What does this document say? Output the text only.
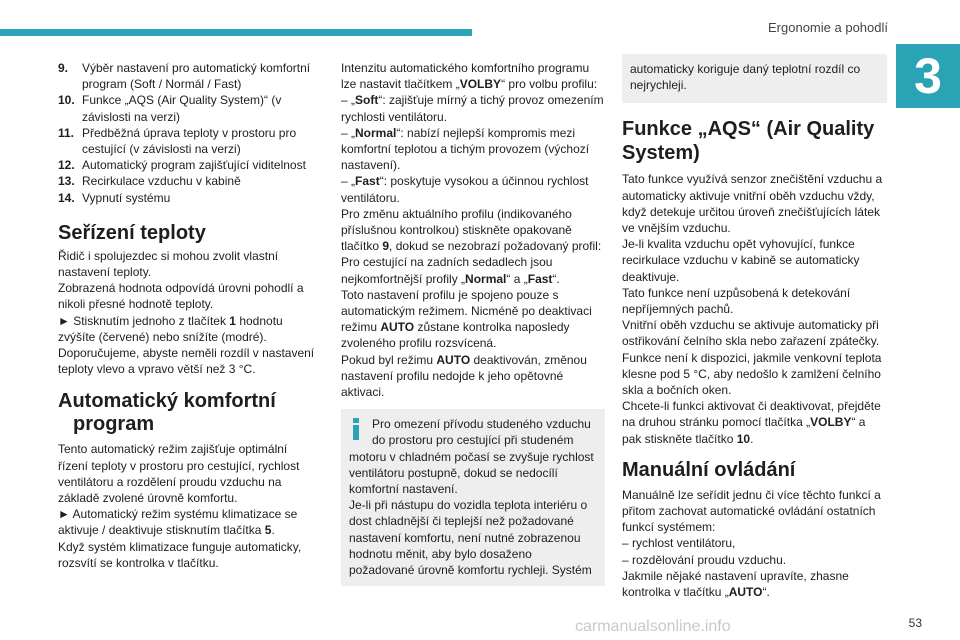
Ergonomie a pohodlí
3
9.	Výběr nastavení pro automatický komfortní program (Soft / Normál / Fast)
10. Funkce „AQS (Air Quality System)“ (v závislosti na verzi)
11. Předběžná úprava teploty v prostoru pro cestující (v závislosti na verzi)
12. Automatický program zajišťující viditelnost
13. Recirkulace vzduchu v kabině
14. Vypnutí systému
Seřízení teploty

Řidič i spolujezdec si mohou zvolit vlastní nastavení teploty.
Zobrazená hodnota odpovídá úrovni pohodlí a nikoli přesné hodnotě teploty.
► Stisknutím jednoho z tlačítek 1 hodnotu zvýšíte (červené) nebo snížíte (modré).
Doporučujeme, abyste neměli rozdíl v nastavení teploty vlevo a vpravo větší než 3 °C.

Automatický komfortní
program

Tento automatický režim zajišťuje optimální řízení teploty v prostoru pro cestující, rychlost ventilátoru a rozdělení proudu vzduchu na základě zvolené úrovně komfortu.
► Automatický režim systému klimatizace se aktivuje / deaktivuje stisknutím tlačítka 5.
Když systém klimatizace funguje automaticky, rozsvítí se kontrolka v tlačítku.

Intenzitu automatického komfortního programu lze nastavit tlačítkem „VOLBY“ pro volbu profilu:

– „Soft“: zajišťuje mírný a tichý provoz omezením rychlosti ventilátoru.

– „Normal“: nabízí nejlepší kompromis mezi komfortní teplotou a tichým provozem (výchozí nastavení).

– „Fast“: poskytuje vysokou a účinnou rychlost ventilátoru.

Pro změnu aktuálního profilu (indikovaného příslušnou kontrolkou) stiskněte opakovaně tlačítko 9, dokud se nezobrazí požadovaný profil:
Pro cestující na zadních sedadlech jsou nejkomfortnější profily „Normal“ a „Fast“.
Toto nastavení profilu je spojeno pouze s automatickým režimem. Nicméně po deaktivaci režimu AUTO zůstane kontrolka naposledy zvoleného profilu rozsvícená.
Pokud byl režimu AUTO deaktivován, změnou nastavení profilu nedojde k jeho opětovné aktivaci.

Pro omezení přívodu studeného vzduchu do prostoru pro cestující při studeném

motoru v chladném počasí se zvyšuje rychlost ventilátoru postupně, dokud se nedocílí komfortní nastavení.
Je-li při nástupu do vozidla teplota interiéru o dost chladnější či teplejší než požadované nastavení komfortu, není nutné zobrazenou hodnotu měnit, aby bylo dosaženo požadované úrovně komfortu rychleji. Systém

automaticky koriguje daný teplotní rozdíl co nejrychleji.

Funkce „AQS“ (Air Quality System)

Tato funkce využívá senzor znečištění vzduchu a automaticky aktivuje vnitřní oběh vzduchu vždy, když detekuje určitou úroveň znečišťujících látek ve vnějším vzduchu.
Je-li kvalita vzduchu opět vyhovující, funkce recirkulace vzduchu v kabině se automaticky deaktivuje.
Tato funkce není uzpůsobená k detekování nepříjemných pachů.
Vnitřní oběh vzduchu se aktivuje automaticky při ostřikování čelního skla nebo zařazení zpátečky.
Funkce není k dispozici, jakmile venkovní teplota klesne pod 5 °C, aby nedošlo k zamlžení čelního skla a bočních oken.

Chcete-li funkci aktivovat či deaktivovat, přejděte na druhou stránku pomocí tlačítka „VOLBY“ a pak stiskněte tlačítko 10.

Manuální ovládání

Manuálně lze seřídit jednu či více těchto funkcí a přitom zachovat automatické ovládání ostatních funkcí systémem:
– rychlost ventilátoru,
– rozdělování proudu vzduchu.
Jakmile nějaké nastavení upravíte, zhasne kontrolka v tlačítku „AUTO“.

carmanualsonline.info	53
